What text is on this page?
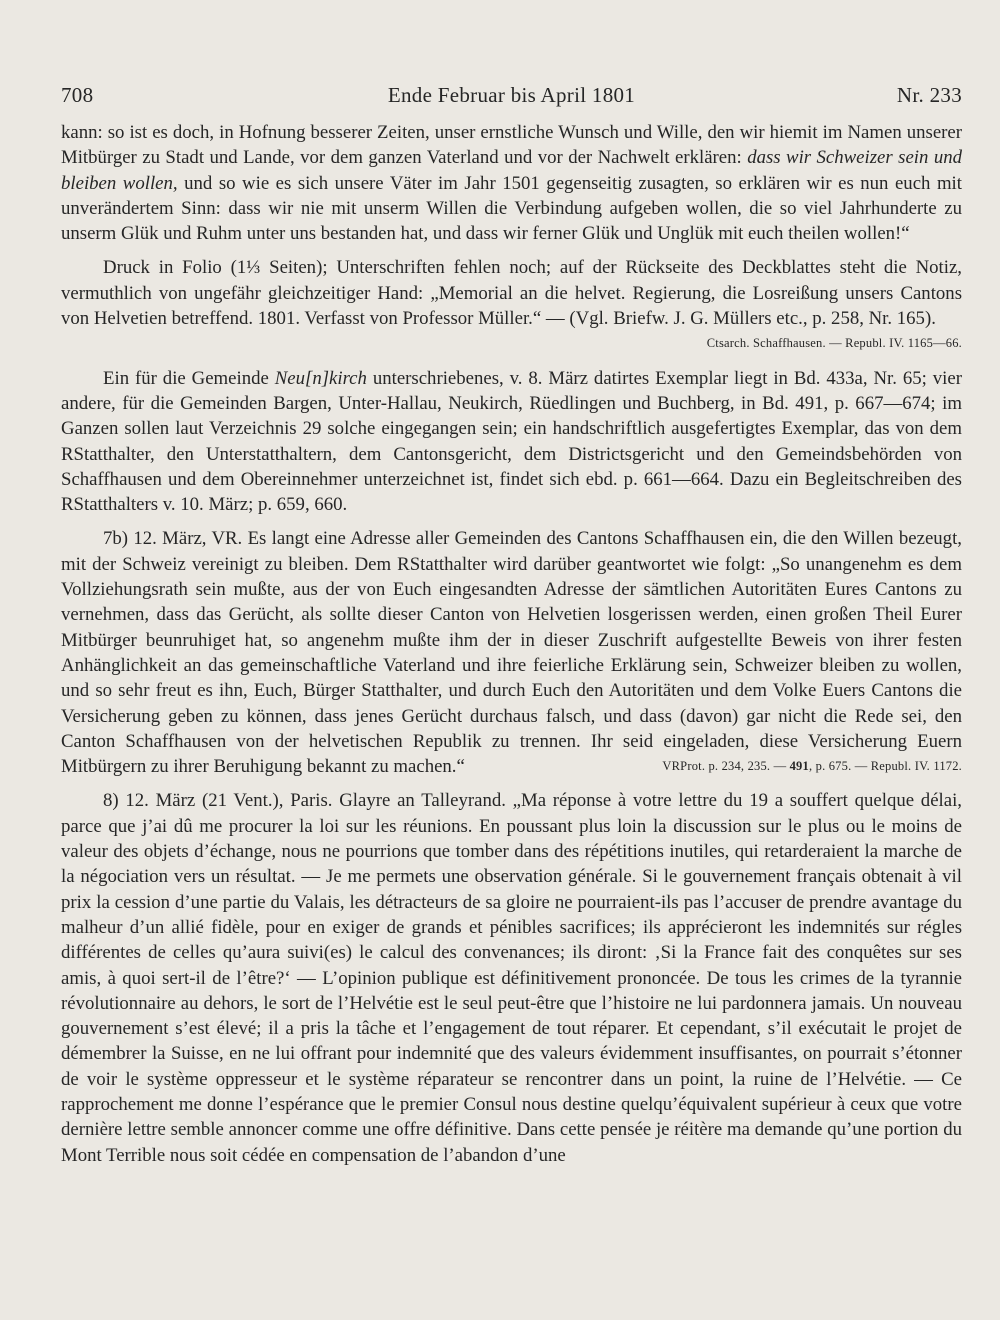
708	Ende Februar bis April 1801	Nr. 233

kann: so ist es doch, in Hofnung besserer Zeiten, unser ernstliche Wunsch und Wille, den wir hiemit im Namen unserer Mitbürger zu Stadt und Lande, vor dem ganzen Vaterland und vor der Nachwelt erklären: dass wir Schweizer sein und bleiben wollen, und so wie es sich unsere Väter im Jahr 1501 gegenseitig zusagten, so erklären wir es nun euch mit unverändertem Sinn: dass wir nie mit unserm Willen die Verbindung aufgeben wollen, die so viel Jahrhunderte zu unserm Glük und Ruhm unter uns bestanden hat, und dass wir ferner Glük und Unglük mit euch theilen wollen!“

Druck in Folio (1⅓ Seiten); Unterschriften fehlen noch; auf der Rückseite des Deckblattes steht die Notiz, vermuthlich von ungefähr gleichzeitiger Hand: „Memorial an die helvet. Regierung, die Losreißung unsers Cantons von Helvetien betreffend. 1801. Verfasst von Professor Müller.“ — (Vgl. Briefw. J. G. Müllers etc., p. 258, Nr. 165).
Ctsarch. Schaffhausen. — Republ. IV. 1165—66.

Ein für die Gemeinde Neu[n]kirch unterschriebenes, v. 8. März datirtes Exemplar liegt in Bd. 433a, Nr. 65; vier andere, für die Gemeinden Bargen, Unter-Hallau, Neukirch, Rüedlingen und Buchberg, in Bd. 491, p. 667—674; im Ganzen sollen laut Verzeichnis 29 solche eingegangen sein; ein handschriftlich ausgefertigtes Exemplar, das von dem RStatthalter, den Unterstatthaltern, dem Cantonsgericht, dem Districtsgericht und den Gemeindsbehörden von Schaffhausen und dem Obereinnehmer unterzeichnet ist, findet sich ebd. p. 661—664. Dazu ein Begleitschreiben des RStatthalters v. 10. März; p. 659, 660.

7b) 12. März, VR. Es langt eine Adresse aller Gemeinden des Cantons Schaffhausen ein, die den Willen bezeugt, mit der Schweiz vereinigt zu bleiben. Dem RStatthalter wird darüber geantwortet wie folgt: „So unangenehm es dem Vollziehungsrath sein mußte, aus der von Euch eingesandten Adresse der sämtlichen Autoritäten Eures Cantons zu vernehmen, dass das Gerücht, als sollte dieser Canton von Helvetien losgerissen werden, einen großen Theil Eurer Mitbürger beunruhiget hat, so angenehm mußte ihm der in dieser Zuschrift aufgestellte Beweis von ihrer festen Anhänglichkeit an das gemeinschaftliche Vaterland und ihre feierliche Erklärung sein, Schweizer bleiben zu wollen, und so sehr freut es ihn, Euch, Bürger Statthalter, und durch Euch den Autoritäten und dem Volke Euers Cantons die Versicherung geben zu können, dass jenes Gerücht durchaus falsch, und dass (davon) gar nicht die Rede sei, den Canton Schaffhausen von der helvetischen Republik zu trennen. Ihr seid eingeladen, diese Versicherung Euern Mitbürgern zu ihrer Beruhigung bekannt zu machen.“	VRProt. p. 234, 235. — 491, p. 675. — Republ. IV. 1172.

8) 12. März (21 Vent.), Paris. Glayre an Talleyrand. „Ma réponse à votre lettre du 19 a souffert quelque délai, parce que j’ai dû me procurer la loi sur les réunions. En poussant plus loin la discussion sur le plus ou le moins de valeur des objets d’échange, nous ne pourrions que tomber dans des répétitions inutiles, qui retarderaient la marche de la négociation vers un résultat. — Je me permets une observation générale. Si le gouvernement français obtenait à vil prix la cession d’une partie du Valais, les détracteurs de sa gloire ne pourraient-ils pas l’accuser de prendre avantage du malheur d’un allié fidèle, pour en exiger de grands et pénibles sacrifices; ils apprécieront les indemnités sur régles différentes de celles qu’aura suivi(es) le calcul des convenances; ils diront: ‚Si la France fait des conquêtes sur ses amis, à quoi sert-il de l’être?‘ — L’opinion publique est définitivement prononcée. De tous les crimes de la tyrannie révolutionnaire au dehors, le sort de l’Helvétie est le seul peut-être que l’histoire ne lui pardonnera jamais. Un nouveau gouvernement s’est élevé; il a pris la tâche et l’engagement de tout réparer. Et cependant, s’il exécutait le projet de démembrer la Suisse, en ne lui offrant pour indemnité que des valeurs évidemment insuffisantes, on pourrait s’étonner de voir le système oppresseur et le système réparateur se rencontrer dans un point, la ruine de l’Helvétie. — Ce rapprochement me donne l’espérance que le premier Consul nous destine quelqu’équivalent supérieur à ceux que votre dernière lettre semble annoncer comme une offre définitive. Dans cette pensée je réitère ma demande qu’une portion du Mont Terrible nous soit cédée en compensation de l’abandon d’une
